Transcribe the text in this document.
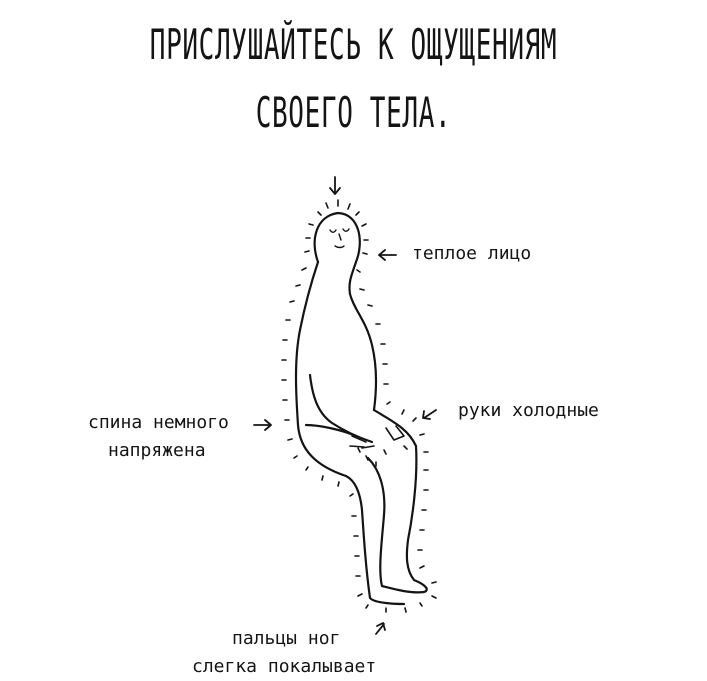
ПРИСЛУШАЙТЕСЬ К ОЩУЩЕНИЯМ
СВОЕГО ТЕЛА.
теплое лицо
руки холодные
спина немного
напряжена
пальцы ног
слегка покалывает
